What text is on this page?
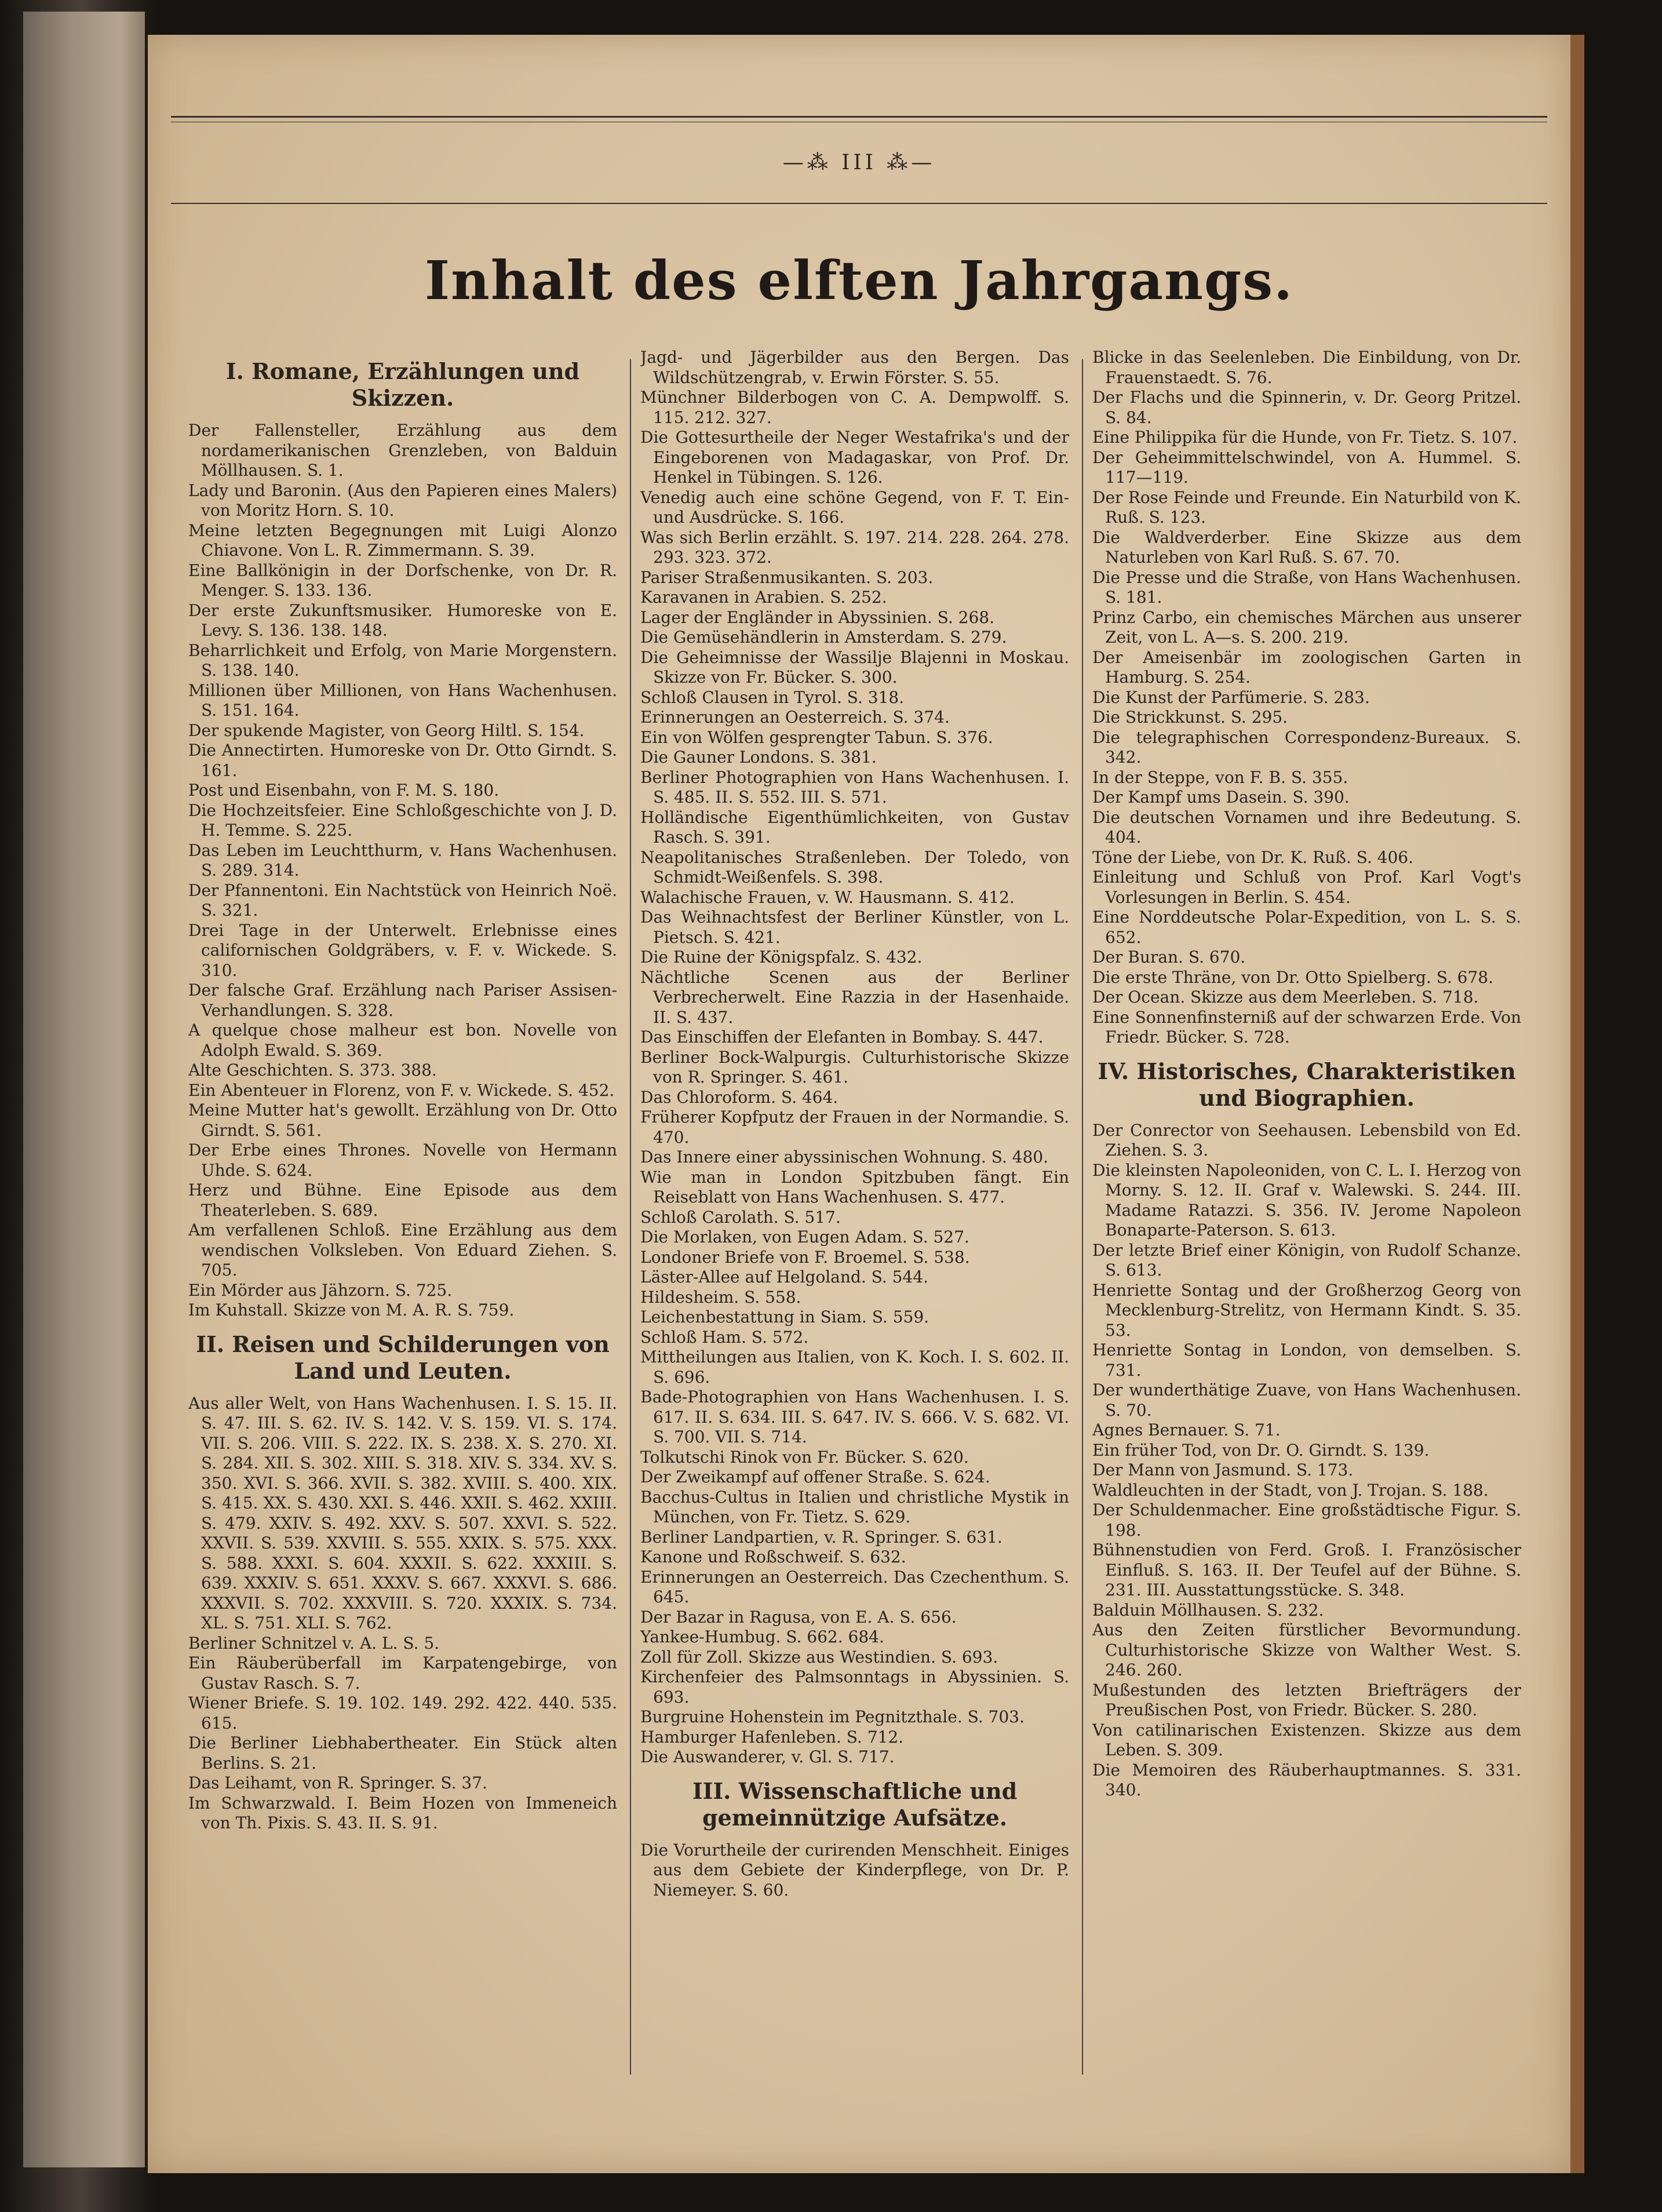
—⁂ III ⁂—
Inhalt des elften Jahrgangs.
I. Romane, Erzählungen und Skizzen.

Der Fallensteller, Erzählung aus dem nordamerikanischen Grenzleben, von Balduin Möllhausen. S. 1.

Lady und Baronin. (Aus den Papieren eines Malers) von Moritz Horn. S. 10.

Meine letzten Begegnungen mit Luigi Alonzo Chiavone. Von L. R. Zimmermann. S. 39.

Eine Ballkönigin in der Dorfschenke, von Dr. R. Menger. S. 133. 136.

Der erste Zukunftsmusiker. Humoreske von E. Levy. S. 136. 138. 148.

Beharrlichkeit und Erfolg, von Marie Morgenstern. S. 138. 140.

Millionen über Millionen, von Hans Wachenhusen. S. 151. 164.

Der spukende Magister, von Georg Hiltl. S. 154.

Die Annectirten. Humoreske von Dr. Otto Girndt. S. 161.

Post und Eisenbahn, von F. M. S. 180.

Die Hochzeitsfeier. Eine Schloßgeschichte von J. D. H. Temme. S. 225.

Das Leben im Leuchtthurm, v. Hans Wachenhusen. S. 289. 314.

Der Pfannentoni. Ein Nachtstück von Heinrich Noë. S. 321.

Drei Tage in der Unterwelt. Erlebnisse eines californischen Goldgräbers, v. F. v. Wickede. S. 310.

Der falsche Graf. Erzählung nach Pariser Assisen-Verhandlungen. S. 328.

A quelque chose malheur est bon. Novelle von Adolph Ewald. S. 369.

Alte Geschichten. S. 373. 388.

Ein Abenteuer in Florenz, von F. v. Wickede. S. 452.

Meine Mutter hat's gewollt. Erzählung von Dr. Otto Girndt. S. 561.

Der Erbe eines Thrones. Novelle von Hermann Uhde. S. 624.

Herz und Bühne. Eine Episode aus dem Theaterleben. S. 689.

Am verfallenen Schloß. Eine Erzählung aus dem wendischen Volksleben. Von Eduard Ziehen. S. 705.

Ein Mörder aus Jähzorn. S. 725.

Im Kuhstall. Skizze von M. A. R. S. 759.

II. Reisen und Schilderungen von Land und Leuten.

Aus aller Welt, von Hans Wachenhusen. I. S. 15. II. S. 47. III. S. 62. IV. S. 142. V. S. 159. VI. S. 174. VII. S. 206. VIII. S. 222. IX. S. 238. X. S. 270. XI. S. 284. XII. S. 302. XIII. S. 318. XIV. S. 334. XV. S. 350. XVI. S. 366. XVII. S. 382. XVIII. S. 400. XIX. S. 415. XX. S. 430. XXI. S. 446. XXII. S. 462. XXIII. S. 479. XXIV. S. 492. XXV. S. 507. XXVI. S. 522. XXVII. S. 539. XXVIII. S. 555. XXIX. S. 575. XXX. S. 588. XXXI. S. 604. XXXII. S. 622. XXXIII. S. 639. XXXIV. S. 651. XXXV. S. 667. XXXVI. S. 686. XXXVII. S. 702. XXXVIII. S. 720. XXXIX. S. 734. XL. S. 751. XLI. S. 762.

Berliner Schnitzel v. A. L. S. 5.

Ein Räuberüberfall im Karpatengebirge, von Gustav Rasch. S. 7.

Wiener Briefe. S. 19. 102. 149. 292. 422. 440. 535. 615.

Die Berliner Liebhabertheater. Ein Stück alten Berlins. S. 21.

Das Leihamt, von R. Springer. S. 37.

Im Schwarzwald. I. Beim Hozen von Immeneich von Th. Pixis. S. 43. II. S. 91.

Jagd- und Jägerbilder aus den Bergen. Das Wildschützengrab, v. Erwin Förster. S. 55.

Münchner Bilderbogen von C. A. Dempwolff. S. 115. 212. 327.

Die Gottesurtheile der Neger Westafrika's und der Eingeborenen von Madagaskar, von Prof. Dr. Henkel in Tübingen. S. 126.

Venedig auch eine schöne Gegend, von F. T. Ein- und Ausdrücke. S. 166.

Was sich Berlin erzählt. S. 197. 214. 228. 264. 278. 293. 323. 372.

Pariser Straßenmusikanten. S. 203.

Karavanen in Arabien. S. 252.

Lager der Engländer in Abyssinien. S. 268.

Die Gemüsehändlerin in Amsterdam. S. 279.

Die Geheimnisse der Wassilje Blajenni in Moskau. Skizze von Fr. Bücker. S. 300.

Schloß Clausen in Tyrol. S. 318.

Erinnerungen an Oesterreich. S. 374.

Ein von Wölfen gesprengter Tabun. S. 376.

Die Gauner Londons. S. 381.

Berliner Photographien von Hans Wachenhusen. I. S. 485. II. S. 552. III. S. 571.

Holländische Eigenthümlichkeiten, von Gustav Rasch. S. 391.

Neapolitanisches Straßenleben. Der Toledo, von Schmidt-Weißenfels. S. 398.

Walachische Frauen, v. W. Hausmann. S. 412.

Das Weihnachtsfest der Berliner Künstler, von L. Pietsch. S. 421.

Die Ruine der Königspfalz. S. 432.

Nächtliche Scenen aus der Berliner Verbrecherwelt. Eine Razzia in der Hasenhaide. II. S. 437.

Das Einschiffen der Elefanten in Bombay. S. 447.

Berliner Bock-Walpurgis. Culturhistorische Skizze von R. Springer. S. 461.

Das Chloroform. S. 464.

Früherer Kopfputz der Frauen in der Normandie. S. 470.

Das Innere einer abyssinischen Wohnung. S. 480.

Wie man in London Spitzbuben fängt. Ein Reiseblatt von Hans Wachenhusen. S. 477.

Schloß Carolath. S. 517.

Die Morlaken, von Eugen Adam. S. 527.

Londoner Briefe von F. Broemel. S. 538.

Läster-Allee auf Helgoland. S. 544.

Hildesheim. S. 558.

Leichenbestattung in Siam. S. 559.

Schloß Ham. S. 572.

Mittheilungen aus Italien, von K. Koch. I. S. 602. II. S. 696.

Bade-Photographien von Hans Wachenhusen. I. S. 617. II. S. 634. III. S. 647. IV. S. 666. V. S. 682. VI. S. 700. VII. S. 714.

Tolkutschi Rinok von Fr. Bücker. S. 620.

Der Zweikampf auf offener Straße. S. 624.

Bacchus-Cultus in Italien und christliche Mystik in München, von Fr. Tietz. S. 629.

Berliner Landpartien, v. R. Springer. S. 631.

Kanone und Roßschweif. S. 632.

Erinnerungen an Oesterreich. Das Czechenthum. S. 645.

Der Bazar in Ragusa, von E. A. S. 656.

Yankee-Humbug. S. 662. 684.

Zoll für Zoll. Skizze aus Westindien. S. 693.

Kirchenfeier des Palmsonntags in Abyssinien. S. 693.

Burgruine Hohenstein im Pegnitzthale. S. 703.

Hamburger Hafenleben. S. 712.

Die Auswanderer, v. Gl. S. 717.

III. Wissenschaftliche und gemeinnützige Aufsätze.

Die Vorurtheile der curirenden Menschheit. Einiges aus dem Gebiete der Kinderpflege, von Dr. P. Niemeyer. S. 60.

Blicke in das Seelenleben. Die Einbildung, von Dr. Frauenstaedt. S. 76.

Der Flachs und die Spinnerin, v. Dr. Georg Pritzel. S. 84.

Eine Philippika für die Hunde, von Fr. Tietz. S. 107.

Der Geheimmittelschwindel, von A. Hummel. S. 117—119.

Der Rose Feinde und Freunde. Ein Naturbild von K. Ruß. S. 123.

Die Waldverderber. Eine Skizze aus dem Naturleben von Karl Ruß. S. 67. 70.

Die Presse und die Straße, von Hans Wachenhusen. S. 181.

Prinz Carbo, ein chemisches Märchen aus unserer Zeit, von L. A—s. S. 200. 219.

Der Ameisenbär im zoologischen Garten in Hamburg. S. 254.

Die Kunst der Parfümerie. S. 283.

Die Strickkunst. S. 295.

Die telegraphischen Correspondenz-Bureaux. S. 342.

In der Steppe, von F. B. S. 355.

Der Kampf ums Dasein. S. 390.

Die deutschen Vornamen und ihre Bedeutung. S. 404.

Töne der Liebe, von Dr. K. Ruß. S. 406.

Einleitung und Schluß von Prof. Karl Vogt's Vorlesungen in Berlin. S. 454.

Eine Norddeutsche Polar-Expedition, von L. S. S. 652.

Der Buran. S. 670.

Die erste Thräne, von Dr. Otto Spielberg. S. 678.

Der Ocean. Skizze aus dem Meerleben. S. 718.

Eine Sonnenfinsterniß auf der schwarzen Erde. Von Friedr. Bücker. S. 728.

IV. Historisches, Charakteristiken und Biographien.

Der Conrector von Seehausen. Lebensbild von Ed. Ziehen. S. 3.

Die kleinsten Napoleoniden, von C. L. I. Herzog von Morny. S. 12. II. Graf v. Walewski. S. 244. III. Madame Ratazzi. S. 356. IV. Jerome Napoleon Bonaparte-Paterson. S. 613.

Der letzte Brief einer Königin, von Rudolf Schanze. S. 613.

Henriette Sontag und der Großherzog Georg von Mecklenburg-Strelitz, von Hermann Kindt. S. 35. 53.

Henriette Sontag in London, von demselben. S. 731.

Der wunderthätige Zuave, von Hans Wachenhusen. S. 70.

Agnes Bernauer. S. 71.

Ein früher Tod, von Dr. O. Girndt. S. 139.

Der Mann von Jasmund. S. 173.

Waldleuchten in der Stadt, von J. Trojan. S. 188.

Der Schuldenmacher. Eine großstädtische Figur. S. 198.

Bühnenstudien von Ferd. Groß. I. Französischer Einfluß. S. 163. II. Der Teufel auf der Bühne. S. 231. III. Ausstattungsstücke. S. 348.

Balduin Möllhausen. S. 232.

Aus den Zeiten fürstlicher Bevormundung. Culturhistorische Skizze von Walther West. S. 246. 260.

Mußestunden des letzten Briefträgers der Preußischen Post, von Friedr. Bücker. S. 280.

Von catilinarischen Existenzen. Skizze aus dem Leben. S. 309.

Die Memoiren des Räuberhauptmannes. S. 331. 340.
